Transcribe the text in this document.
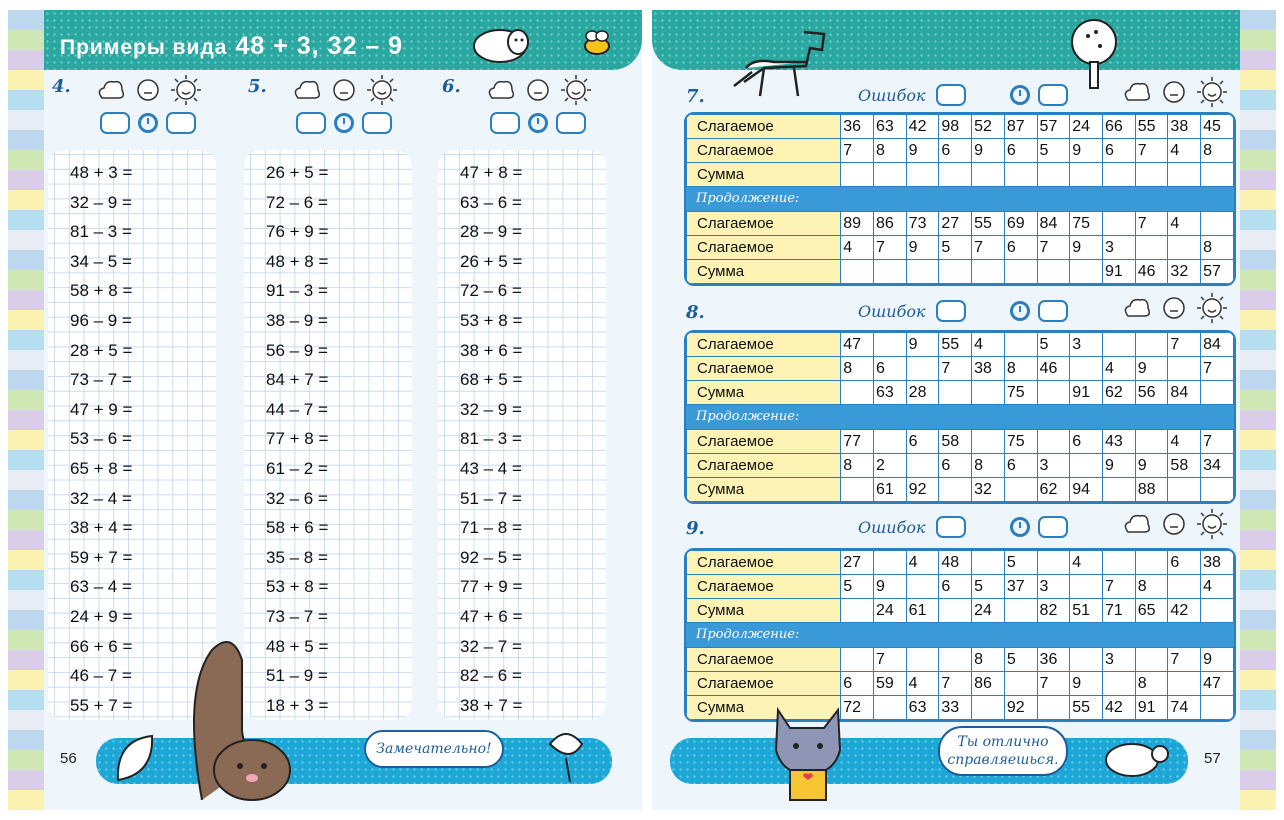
Примеры вида 48 + 3, 32 – 9
4.
48 + 3 =
32 – 9 =
81 – 3 =
34 – 5 =
58 + 8 =
96 – 9 =
28 + 5 =
73 – 7 =
47 + 9 =
53 – 6 =
65 + 8 =
32 – 4 =
38 + 4 =
59 + 7 =
63 – 4 =
24 + 9 =
66 + 6 =
46 – 7 =
55 + 7 =
5.
26 + 5 =
72 – 6 =
76 + 9 =
48 + 8 =
91 – 3 =
38 – 9 =
56 – 9 =
84 + 7 =
44 – 7 =
77 + 8 =
61 – 2 =
32 – 6 =
58 + 6 =
35 – 8 =
53 + 8 =
73 – 7 =
48 + 5 =
51 – 9 =
18 + 3 =
6.
47 + 8 =
63 – 6 =
28 – 9 =
26 + 5 =
72 – 6 =
53 + 8 =
38 + 6 =
68 + 5 =
32 – 9 =
81 – 3 =
43 – 4 =
51 – 7 =
71 – 8 =
92 – 5 =
77 + 9 =
47 + 6 =
32 – 7 =
82 – 6 =
38 + 7 =
7.	Ошибок
Слагаемое	36	63	42	98	52	87	57	24	66	55	38	45
Слагаемое	7	8	9	6	9	6	5	9	6	7	4	8
Сумма												
Продолжение:
Слагаемое	89	86	73	27	55	69	84	75		7	4	
Слагаемое	4	7	9	5	7	6	7	9	3			8
Сумма									91	46	32	57
8.	Ошибок
Слагаемое	47		9	55	4		5	3			7	84
Слагаемое	8	6		7	38	8	46		4	9		7
Сумма		63	28			75		91	62	56	84	
Продолжение:
Слагаемое	77		6	58		75		6	43		4	7
Слагаемое	8	2		6	8	6	3		9	9	58	34
Сумма		61	92		32		62	94		88		
9.	Ошибок
Слагаемое	27		4	48		5		4			6	38
Слагаемое	5	9		6	5	37	3		7	8		4
Сумма		24	61		24		82	51	71	65	42	
Продолжение:
Слагаемое		7			8	5	36		3		7	9
Слагаемое	6	59	4	7	86		7	9		8		47
Сумма	72		63	33		92		55	42	91	74	
Замечательно!	Ты отлично
справляешься.
56	57
